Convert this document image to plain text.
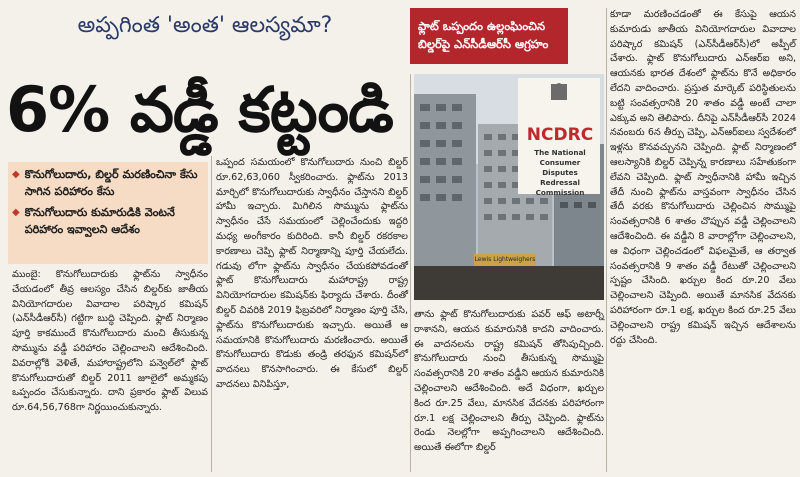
అప్పగింత 'అంత' ఆలస్యమా?
6% వడ్డీ కట్టండి
ఫ్లాట్ ఒప్పందం ఉల్లంఘించిన బిల్డర్‌పై ఎన్‌సీడీఆర్‌సీ ఆగ్రహం
◆ కొనుగోలుదారు, బిల్డర్ మరణించినా కేసు సాగిన పరిహారం కేసు
◆ కొనుగోలుదారు కుమారుడికి వెంటనే పరిహారం ఇవ్వాలని ఆదేశం
ముంబై: కొనుగోలుదారుకు ఫ్లాట్‌ను స్వాధీనం చేయడంలో తీవ్ర ఆలస్యం చేసిన బిల్డర్‌కు జాతీయ వినియోగదారుల వివాదాల పరిష్కార కమిషన్ (ఎన్‌సీడీఆర్‌సీ) గట్టిగా బుద్ధి చెప్పింది. ఫ్లాట్ నిర్మాణం పూర్తి కాకముందే కొనుగోలుదారు మంచి తీసుకున్న సొమ్మును వడ్డీ పరిహారం చెల్లించాలని ఆదేశించింది. వివరాల్లోకి వెళితే, మహారాష్ట్రలోని పన్వెల్‌లో ఫ్లాట్ కొనుగోలుదారుతో బిల్డర్ 2011 జూలైలో అమ్మకపు ఒప్పందం చేసుకున్నారు. దాని ప్రకారం ఫ్లాట్ విలువ రూ.64,56,768గా నిర్ణయించుకున్నారు.
ఒప్పంద సమయంలో కొనుగోలుదారు నుంచి బిల్డర్ రూ.62,63,060 స్వీకరించారు. ఫ్లాట్‌ను 2013 మార్చిలో కొనుగోలుదారుకు స్వాధీనం చేస్తానని బిల్డర్ హామీ ఇచ్చారు. మిగిలిన సొమ్మును ఫ్లాట్‌ను స్వాధీనం చేసే సమయంలో చెల్లించేందుకు ఇద్దరి మధ్య అంగీకారం కుదిరింది. కానీ బిల్డర్ రకరకాల కారణాలు చెప్పి ఫ్లాట్ నిర్మాణాన్ని పూర్తి చేయలేదు. గడువు లోగా ఫ్లాట్‌ను స్వాధీనం చేయకపోవడంతో ఫ్లాట్ కొనుగోలుదారు మహారాష్ట్ర రాష్ట్ర వినియోగదారుల కమిషన్‌కు ఫిర్యాదు చేశారు. దీంతో బిల్డర్ చివరికి 2019 ఫిబ్రవరిలో నిర్మాణం పూర్తి చేసి, ఫ్లాట్‌ను కొనుగోలుదారుకు ఇచ్చారు. అయితే ఆ సమయానికి కొనుగోలుదారు మరణించారు. అయితే కొనుగోలుదారు కొడుకు తండ్రి తరఫున కమిషన్‌లో వాదనలు కొనసాగించారు. ఈ కేసులో బిల్డర్ వాదనలు వినిపిస్తూ,
తాను ఫ్లాట్ కొనుగోలుదారుకు పవర్ ఆఫ్ అటార్నీ రాశానని, ఆయన కుమారునికి కాదని వాదించారు. ఈ వాదనలను రాష్ట్ర కమిషన్ తోసిపుచ్చింది. కొనుగోలుదారు నుంచి తీసుకున్న సొమ్ముపై సంవత్సరానికి 20 శాతం వడ్డీని ఆయన కుమారునికి చెల్లించాలని ఆదేశించింది. అదే విధంగా, ఖర్చుల కింద రూ.25 వేలు, మానసిక వేదనకు పరిహారంగా రూ.1 లక్ష చెల్లించాలని తీర్పు చెప్పింది. ఫ్లాట్‌ను రెండు నెలల్లోగా అప్పగించాలని ఆదేశించింది. అయితే ఈలోగా బిల్డర్
కూడా మరణించడంతో ఈ కేసుపై ఆయన కుమారుడు జాతీయ వినియోగదారుల వివాదాల పరిష్కార కమిషన్ (ఎన్‌సీడీఆర్‌సీ)లో అప్పీల్ చేశారు. ఫ్లాట్ కొనుగోలుదారు ఎన్‌ఆర్ఐ అని, ఆయనకు భారత దేశంలో ఫ్లాట్‌ను కొనే అధికారం లేదని వాదించారు. ప్రస్తుత మార్కెట్ పరిస్థితులను బట్టి సంవత్సరానికి 20 శాతం వడ్డీ అంటే చాలా ఎక్కువ అని తెలిపారు. దీనిపై ఎన్‌సీడీఆర్‌సీ 2024 నవంబరు 6న తీర్పు చెప్పి, ఎన్‌ఆర్‌ఐలు స్వదేశంలో ఇళ్లను కొనవచ్చునని చెప్పింది. ఫ్లాట్ నిర్మాణంలో ఆలస్యానికి బిల్డర్ చెప్పిన్న కారణాలు సహేతుకంగా లేవని చెప్పింది. ఫ్లాట్ స్వాధీనానికి హామీ ఇచ్చిన తేదీ నుంచి ఫ్లాట్‌ను వాస్తవంగా స్వాధీనం చేసిన తేదీ వరకు కొనుగోలుదారు చెల్లించిన సొమ్ముపై సంవత్సరానికి 6 శాతం చొప్పున వడ్డీ చెల్లించాలని ఆదేశించింది. ఈ వడ్డీని 8 వారాల్లోగా చెల్లించాలని, ఆ విధంగా చెల్లించడంలో విఫలమైతే, ఆ తర్వాత సంవత్సరానికి 9 శాతం వడ్డీ రేటుతో చెల్లించాలని స్పష్టం చేసింది. ఖర్చుల కింద రూ.20 వేలు చెల్లించాలని చెప్పింది. అయితే మానసిక వేదనకు పరిహారంగా రూ.1 లక్ష, ఖర్చుల కింద రూ.25 వేలు చెల్లించాలని రాష్ట్ర కమిషన్ ఇచ్చిన ఆదేశాలను రద్దు చేసింది.
NCDRC
The National Consumer Disputes Redressal Commission
Lewis Lightweighers
